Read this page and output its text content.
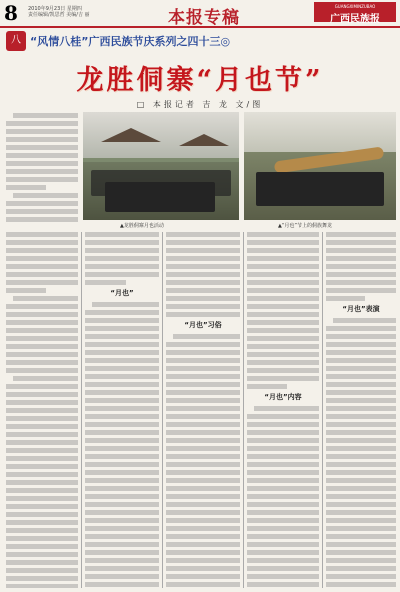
8 2010年9月23日 星期四
责任编辑/凯思哲 美编/吉 丽	本报专稿
GUANGXIMINZUBAO
广西民族报
八 “风情八桂”广西民族节庆系列之四十三◎
龙胜侗寨“月也节”
□ 本报记者 吉 龙 文/图
▲龙胜侗寨月也活动	▲“月也”节上的侗族舞龙
“月也”
“月也”习俗
“月也”内容
“月也”表演
